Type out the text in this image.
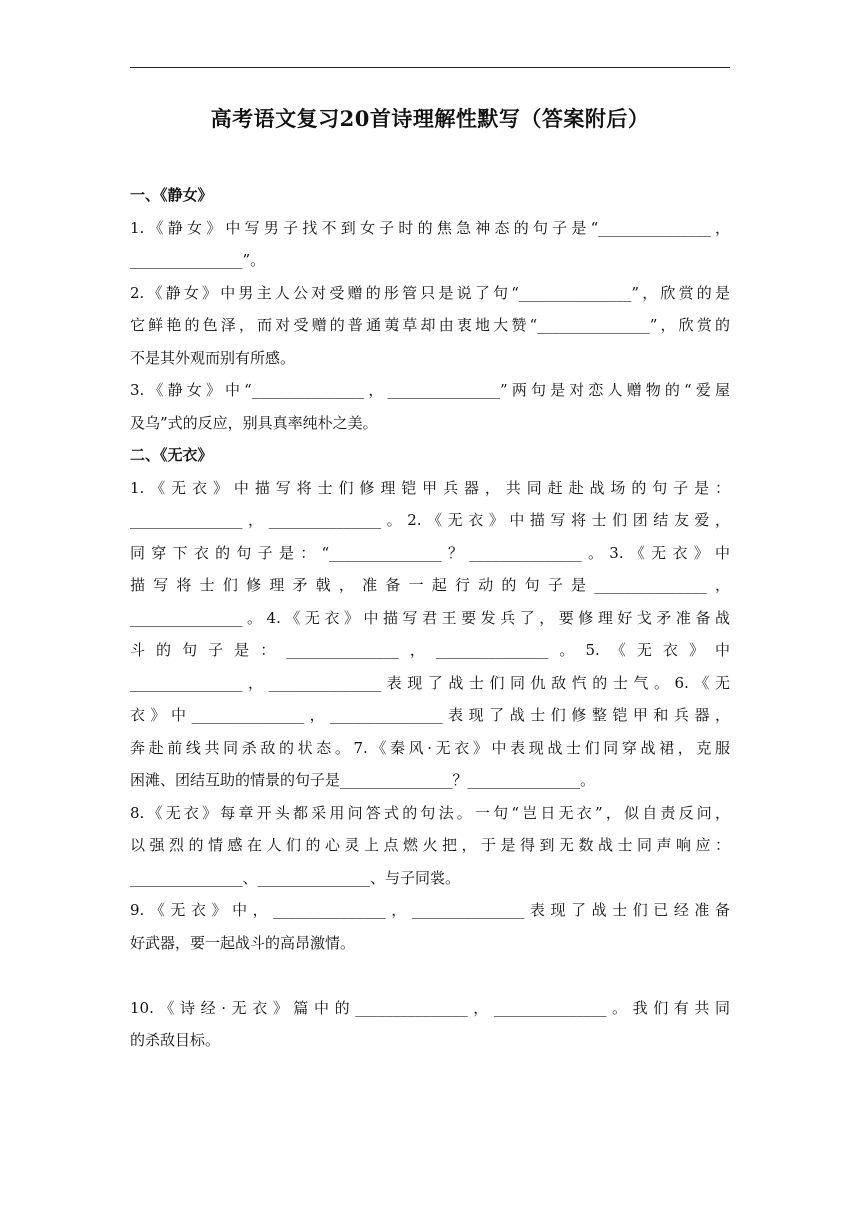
高考语文复习20首诗理解性默写（答案附后）
一、《静女》
1.《静女》中写男子找不到女子时的焦急神态的句子是“_______________，
_______________”。
2.《静女》中男主人公对受赠的彤管只是说了句“_______________”，欣赏的是
它鲜艳的色泽，而对受赠的普通荑草却由衷地大赞“_______________”，欣赏的
不是其外观而别有所感。
3.《静女》中“_______________，_______________”两句是对恋人赠物的“爱屋
及乌”式的反应，别具真率纯朴之美。
二、《无衣》
1.《无衣》中描写将士们修理铠甲兵器，共同赶赴战场的句子是：
_______________，_______________。2.《无衣》中描写将士们团结友爱，
同穿下衣的句子是：“_______________？_______________。3.《无衣》中
描写将士们修理矛戟，准备一起行动的句子是_______________，
_______________。4.《无衣》中描写君王要发兵了，要修理好戈矛准备战
斗的句子是：_______________，_______________。5.《无衣》中
_______________，_______________表现了战士们同仇敌忾的士气。6.《无
衣》中_______________，_______________表现了战士们修整铠甲和兵器，
奔赴前线共同杀敌的状态。7.《秦风·无衣》中表现战士们同穿战裙，克服
困滩、团结互助的情景的句子是_______________？_______________。
8.《无衣》每章开头都采用问答式的句法。一句“岂日无衣”，似自责反问，
以强烈的情感在人们的心灵上点燃火把，于是得到无数战士同声响应：
_______________、_______________、与子同裳。
9.《无衣》中，_______________，_______________表现了战士们已经准备
好武器，要一起战斗的高昂激情。
10.《诗经·无衣》篇中的_______________，_______________。我们有共同
的杀敌目标。
